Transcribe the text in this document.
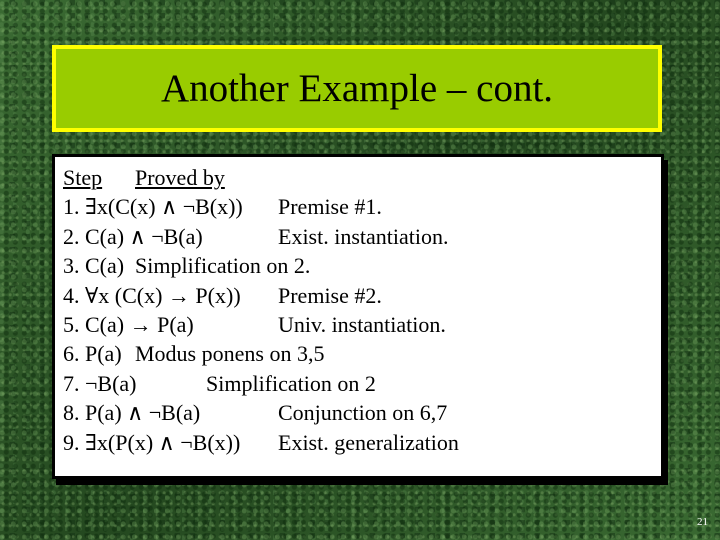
Another Example – cont.
Step Proved by
1. ∃x(C(x) ∧ ¬B(x)) Premise #1.
2. C(a) ∧ ¬B(a)	Exist. instantiation.
3. C(a) Simplification on 2.
4. ∀x (C(x) → P(x)) Premise #2.
5. C(a) → P(a)	Univ. instantiation.
6. P(a) Modus ponens on 3,5
7. ¬B(a)	Simplification on 2
8. P(a) ∧ ¬B(a)	Conjunction on 6,7
9. ∃x(P(x) ∧ ¬B(x)) Exist. generalization
21
